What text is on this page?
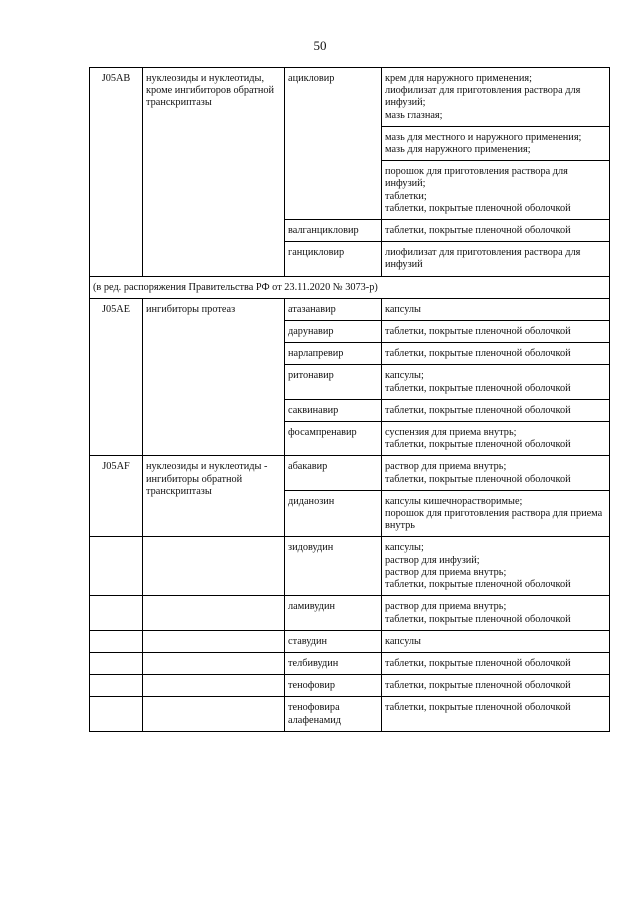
50
J05AB	нуклеозиды и нуклеотиды, кроме ингибиторов обратной транскриптазы	ацикловир	крем для наружного применения;
лиофилизат для приготовления раствора для инфузий;
мазь глазная;

			мазь для местного и наружного применения;
мазь для наружного применения;

			порошок для приготовления раствора для инфузий;
таблетки;
таблетки, покрытые пленочной оболочкой

		валганцикловир	таблетки, покрытые пленочной оболочкой

		ганцикловир	лиофилизат для приготовления раствора для инфузий

(в ред. распоряжения Правительства РФ от 23.11.2020 № 3073-р)			
J05AE	ингибиторы протеаз	атазанавир	капсулы

		дарунавир	таблетки, покрытые пленочной оболочкой

		нарлапревир	таблетки, покрытые пленочной оболочкой

		ритонавир	капсулы;
таблетки, покрытые пленочной оболочкой

		саквинавир	таблетки, покрытые пленочной оболочкой

		фосампренавир	суспензия для приема внутрь;
таблетки, покрытые пленочной оболочкой

J05AF	нуклеозиды и нуклеотиды - ингибиторы обратной транскриптазы	абакавир	раствор для приема внутрь;
таблетки, покрытые пленочной оболочкой

		диданозин	капсулы кишечнорастворимые;
порошок для приготовления раствора для приема внутрь

		зидовудин	капсулы;
раствор для инфузий;
раствор для приема внутрь;
таблетки, покрытые пленочной оболочкой

		ламивудин	раствор для приема внутрь;
таблетки, покрытые пленочной оболочкой

		ставудин	капсулы

		телбивудин	таблетки, покрытые пленочной оболочкой

		тенофовир	таблетки, покрытые пленочной оболочкой

		тенофовира алафенамид	таблетки, покрытые пленочной оболочкой
